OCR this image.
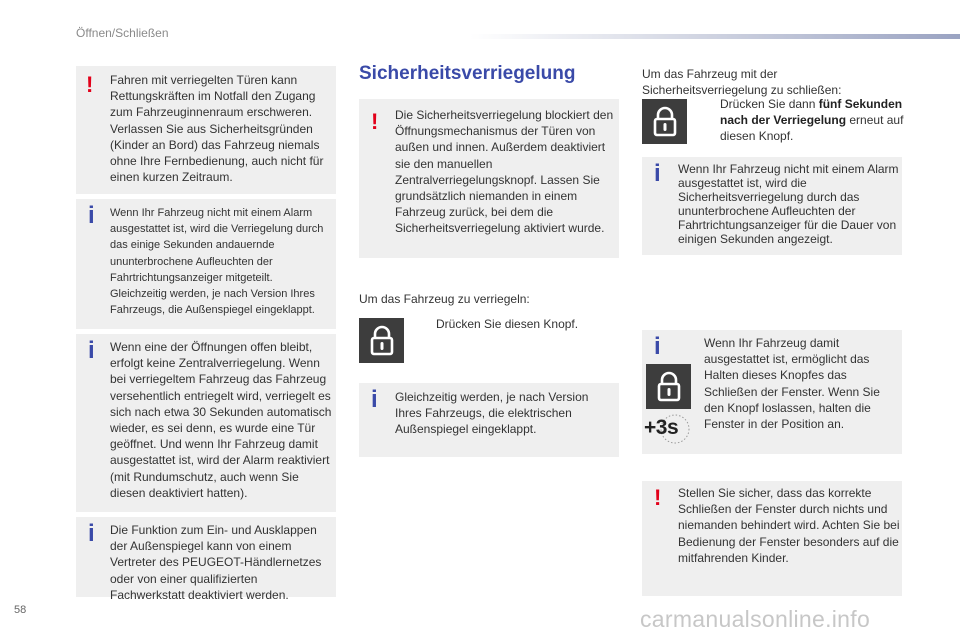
Öffnen/Schließen
! Fahren mit verriegelten Türen kann Rettungskräften im Notfall den Zugang zum Fahrzeuginnenraum erschweren. Verlassen Sie aus Sicherheitsgründen (Kinder an Bord) das Fahrzeug niemals ohne Ihre Fernbedienung, auch nicht für einen kurzen Zeitraum.
i Wenn Ihr Fahrzeug nicht mit einem Alarm ausgestattet ist, wird die Verriegelung durch das einige Sekunden andauernde ununterbrochene Aufleuchten der Fahrtrichtungsanzeiger mitgeteilt. Gleichzeitig werden, je nach Version Ihres Fahrzeugs, die Außenspiegel eingeklappt.
i Wenn eine der Öffnungen offen bleibt, erfolgt keine Zentralverriegelung. Wenn bei verriegeltem Fahrzeug das Fahrzeug versehentlich entriegelt wird, verriegelt es sich nach etwa 30 Sekunden automatisch wieder, es sei denn, es wurde eine Tür geöffnet. Und wenn Ihr Fahrzeug damit ausgestattet ist, wird der Alarm reaktiviert (mit Rundumschutz, auch wenn Sie diesen deaktiviert hatten).
i Die Funktion zum Ein- und Ausklappen der Außenspiegel kann von einem Vertreter des PEUGEOT-Händlernetzes oder von einer qualifizierten Fachwerkstatt deaktiviert werden.
Sicherheitsverriegelung
! Die Sicherheitsverriegelung blockiert den Öffnungsmechanismus der Türen von außen und innen. Außerdem deaktiviert sie den manuellen Zentralverriegelungsknopf. Lassen Sie grundsätzlich niemanden in einem Fahrzeug zurück, bei dem die Sicherheitsverriegelung aktiviert wurde.
Um das Fahrzeug zu verriegeln:
Drücken Sie diesen Knopf.
i Gleichzeitig werden, je nach Version Ihres Fahrzeugs, die elektrischen Außenspiegel eingeklappt.
Um das Fahrzeug mit der Sicherheitsverriegelung zu schließen:
Drücken Sie dann fünf Sekunden nach der Verriegelung erneut auf diesen Knopf.
i Wenn Ihr Fahrzeug nicht mit einem Alarm ausgestattet ist, wird die Sicherheitsverriegelung durch das ununterbrochene Aufleuchten der Fahrtrichtungsanzeiger für die Dauer von einigen Sekunden angezeigt.
i
+3s
Wenn Ihr Fahrzeug damit ausgestattet ist, ermöglicht das Halten dieses Knopfes das Schließen der Fenster. Wenn Sie den Knopf loslassen, halten die Fenster in der Position an.
! Stellen Sie sicher, dass das korrekte Schließen der Fenster durch nichts und niemanden behindert wird. Achten Sie bei Bedienung der Fenster besonders auf die mitfahrenden Kinder.
58	carmanualsonline.info
